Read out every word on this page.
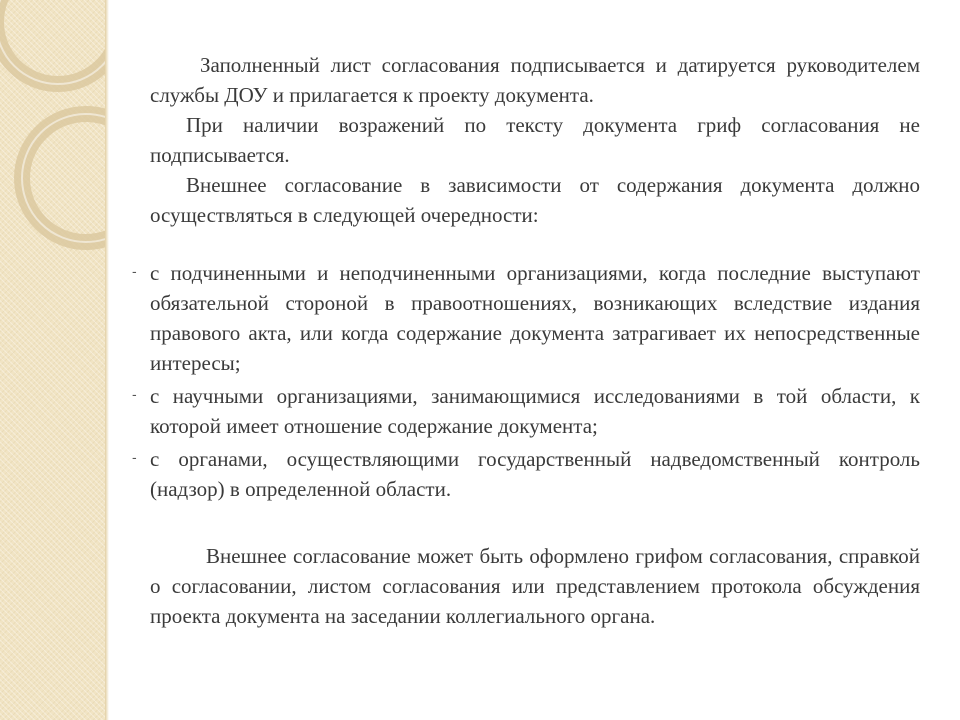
Заполненный лист согласования подписывается и датируется руководителем службы ДОУ и прилагается к проекту документа.

При наличии возражений по тексту документа гриф согласования не подписывается.

Внешнее согласование в зависимости от содержания документа должно осуществляться в следующей очередности:

- с подчиненными и неподчиненными организациями, когда последние выступают обязательной стороной в правоотношениях, возникающих вследствие издания правового акта, или когда содержание документа затрагивает их непосредственные интересы;
- с научными организациями, занимающимися исследованиями в той области, к которой имеет отношение содержание документа;
- с органами, осуществляющими государственный надведомственный контроль (надзор) в определенной области.

Внешнее согласование может быть оформлено грифом согласования, справкой о согласовании, листом согласования или представлением протокола обсуждения проекта документа на заседании коллегиального органа.
